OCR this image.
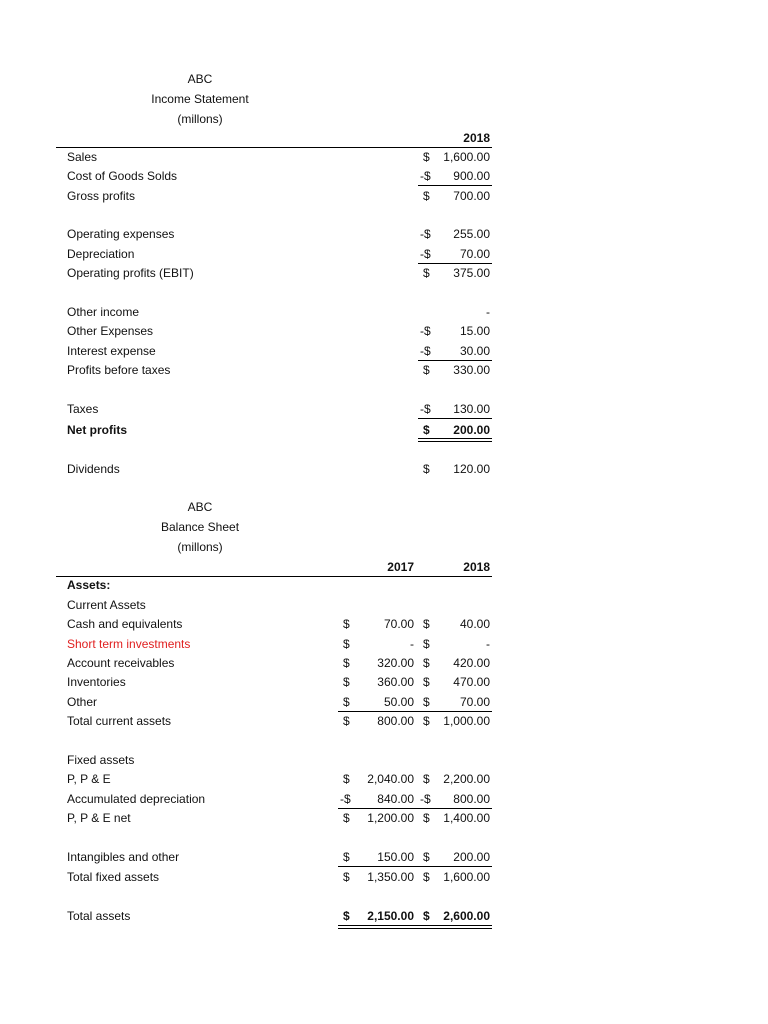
ABC
Income Statement
(millons)
2018
Sales	$	1,600.00
Cost of Goods Solds	-$	900.00
Gross profits	$	700.00
Operating expenses	-$	255.00
Depreciation	-$	70.00
Operating profits (EBIT)	$	375.00
Other income	-
Other Expenses	-$	15.00
Interest expense	-$	30.00
Profits before taxes	$	330.00
Taxes	-$	130.00
Net profits	$	200.00
Dividends	$	120.00
ABC
Balance Sheet
(millons)
2017	2018
Assets:
Current Assets
Cash and equivalents	$	70.00 $	40.00
Short term investments	$	- $	-
Account receivables	$	320.00 $	420.00
Inventories	$	360.00 $	470.00
Other	$	50.00 $	70.00
Total current assets	$	800.00 $	1,000.00
Fixed assets
P, P & E	$	2,040.00 $	2,200.00
Accumulated depreciation	-$	840.00 -$	800.00
P, P & E net	$	1,200.00 $	1,400.00
Intangibles and other	$	150.00 $	200.00
Total fixed assets	$	1,350.00 $	1,600.00
Total assets	$	2,150.00 $	2,600.00
